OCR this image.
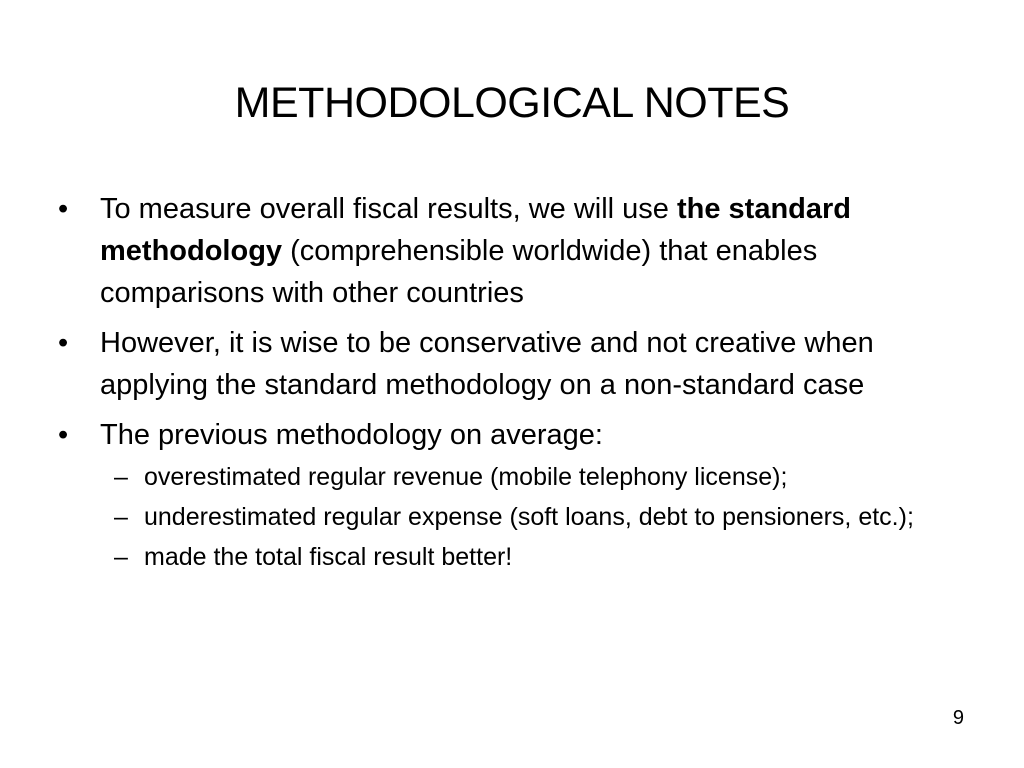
METHODOLOGICAL NOTES
•	To measure overall fiscal results, we will use the standard methodology (comprehensible worldwide) that enables comparisons with other countries
•	However, it is wise to be conservative and not creative when applying the standard methodology on a non-standard case
•	The previous methodology on average:
– overestimated regular revenue (mobile telephony license);
– underestimated regular expense (soft loans, debt to pensioners, etc.);
– made the total fiscal result better!
9
